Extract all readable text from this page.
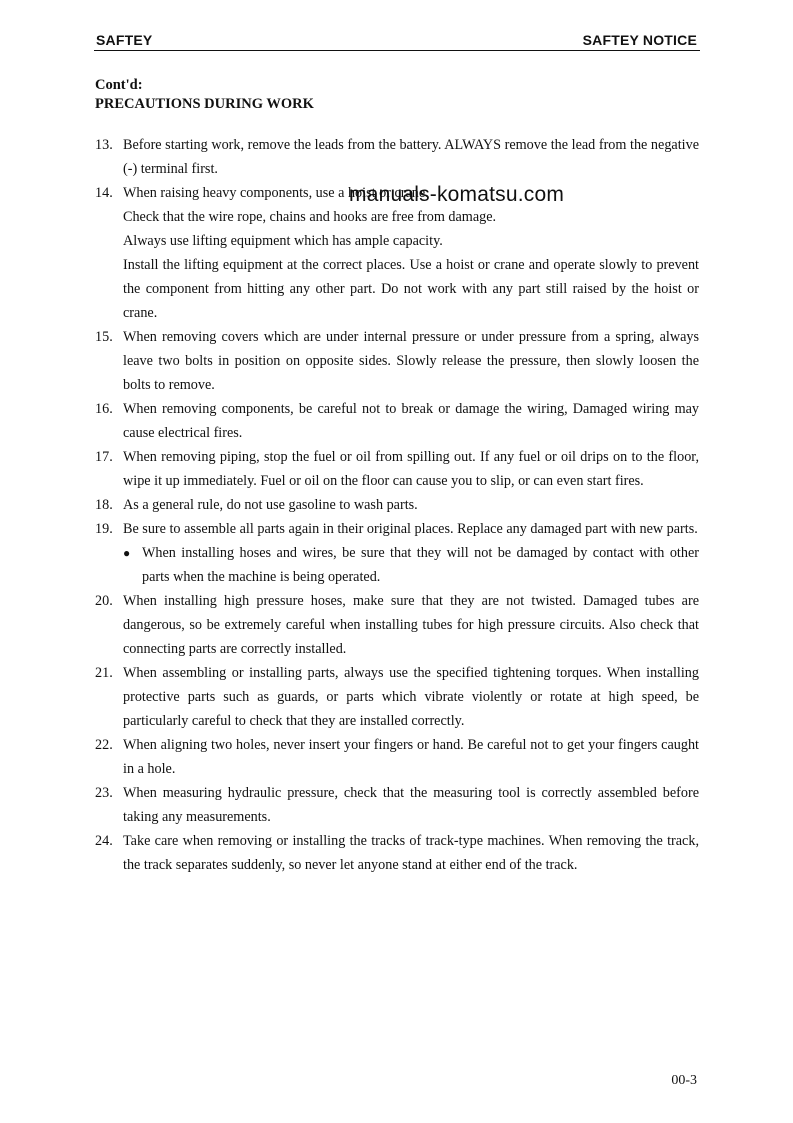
SAFTEY	SAFTEY NOTICE
Cont'd:
PRECAUTIONS DURING WORK
13. Before starting work, remove the leads from the battery. ALWAYS remove the lead from the negative (-) terminal first.

14. When raising heavy components, use a hoist or crane.

Check that the wire rope, chains and hooks are free from damage.

Always use lifting equipment which has ample capacity.

Install the lifting equipment at the correct places. Use a hoist or crane and operate slowly to prevent the component from hitting any other part. Do not work with any part still raised by the hoist or crane.

15. When removing covers which are under internal pressure or under pressure from a spring, always leave two bolts in position on opposite sides. Slowly release the pressure, then slowly loosen the bolts to remove.

16. When removing components, be careful not to break or damage the wiring, Damaged wiring may cause electrical fires.

17. When removing piping, stop the fuel or oil from spilling out. If any fuel or oil drips on to the floor, wipe it up immediately. Fuel or oil on the floor can cause you to slip, or can even start fires.

18. As a general rule, do not use gasoline to wash parts.

19. Be sure to assemble all parts again in their original places. Replace any damaged part with new parts.

● When installing hoses and wires, be sure that they will not be damaged by contact with other parts when the machine is being operated.

20. When installing high pressure hoses, make sure that they are not twisted. Damaged tubes are dangerous, so be extremely careful when installing tubes for high pressure circuits. Also check that connecting parts are correctly installed.

21. When assembling or installing parts, always use the specified tightening torques. When installing protective parts such as guards, or parts which vibrate violently or rotate at high speed, be particularly careful to check that they are installed correctly.

22. When aligning two holes, never insert your fingers or hand. Be careful not to get your fingers caught in a hole.

23. When measuring hydraulic pressure, check that the measuring tool is correctly assembled before taking any measurements.

24. Take care when removing or installing the tracks of track-type machines. When removing the track, the track separates suddenly, so never let anyone stand at either end of the track.

manuals-komatsu.com
00-3
